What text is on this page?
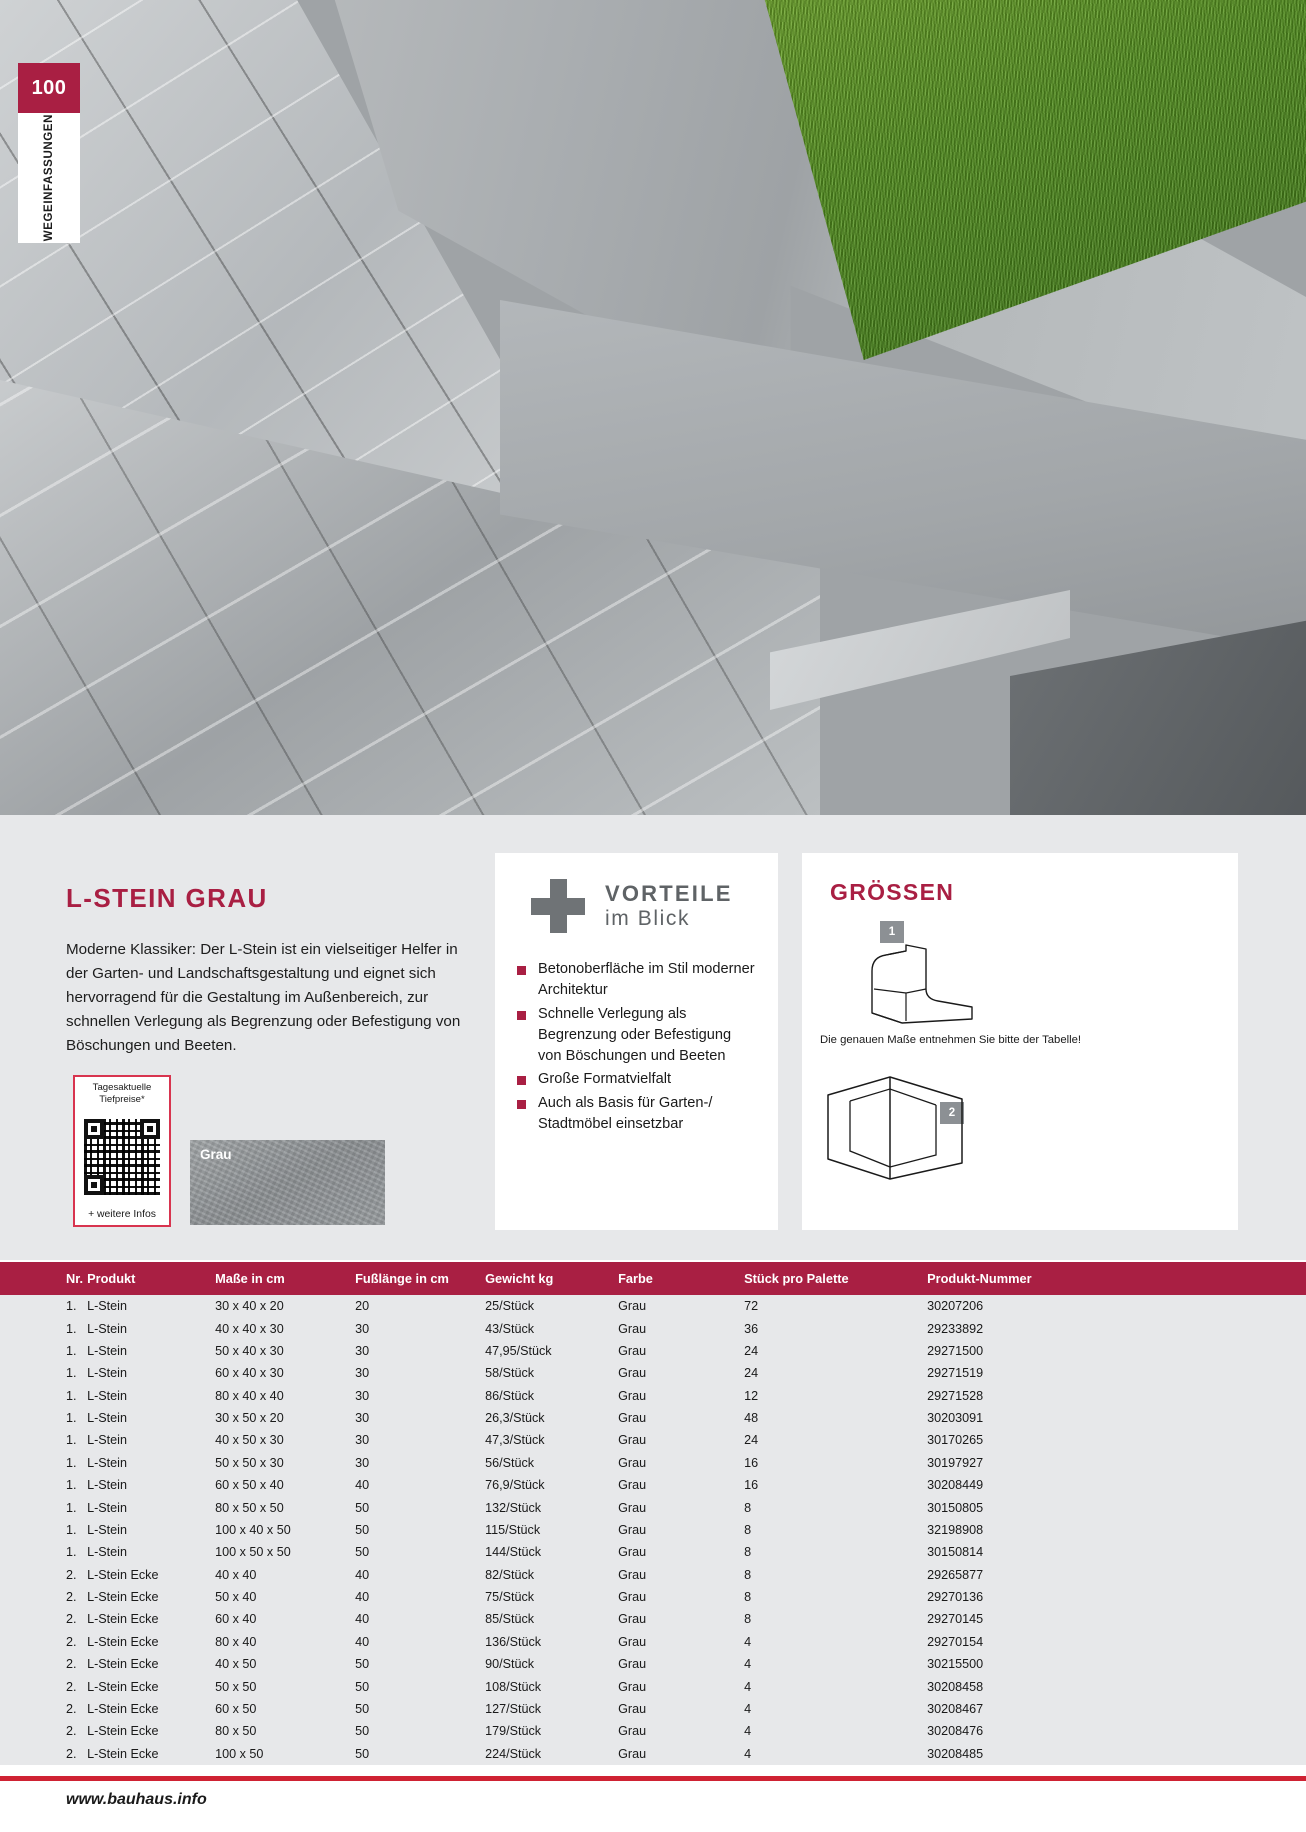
100
WEGEINFASSUNGEN
L-STEIN GRAU
Moderne Klassiker: Der L-Stein ist ein vielseitiger Helfer in der Garten- und Landschaftsgestaltung und eignet sich hervorragend für die Gestaltung im Außenbereich, zur schnellen Verlegung als Begrenzung oder Befestigung von Böschungen und Beeten.
Tagesaktuelle
Tiefpreise*
+ weitere Infos
Grau
VORTEILE
im Blick
Betonoberfläche im Stil moderner Architektur
Schnelle Verlegung als Begrenzung oder Befestigung von Böschungen und Beeten
Große Formatvielfalt
Auch als Basis für Garten-/ Stadtmöbel einsetzbar
GRÖSSEN
1
Die genauen Maße entnehmen Sie bitte der Tabelle!
2
Nr.	Produkt	Maße in cm	Fußlänge in cm	Gewicht kg	Farbe	Stück pro Palette	Produkt-Nummer
1.	L-Stein	30 x 40 x 20	20	25/Stück	Grau	72	30207206
1.	L-Stein	40 x 40 x 30	30	43/Stück	Grau	36	29233892
1.	L-Stein	50 x 40 x 30	30	47,95/Stück	Grau	24	29271500
1.	L-Stein	60 x 40 x 30	30	58/Stück	Grau	24	29271519
1.	L-Stein	80 x 40 x 40	30	86/Stück	Grau	12	29271528
1.	L-Stein	30 x 50 x 20	30	26,3/Stück	Grau	48	30203091
1.	L-Stein	40 x 50 x 30	30	47,3/Stück	Grau	24	30170265
1.	L-Stein	50 x 50 x 30	30	56/Stück	Grau	16	30197927
1.	L-Stein	60 x 50 x 40	40	76,9/Stück	Grau	16	30208449
1.	L-Stein	80 x 50 x 50	50	132/Stück	Grau	8	30150805
1.	L-Stein	100 x 40 x 50	50	115/Stück	Grau	8	32198908
1.	L-Stein	100 x 50 x 50	50	144/Stück	Grau	8	30150814
2.	L-Stein Ecke	40 x 40	40	82/Stück	Grau	8	29265877
2.	L-Stein Ecke	50 x 40	40	75/Stück	Grau	8	29270136
2.	L-Stein Ecke	60 x 40	40	85/Stück	Grau	8	29270145
2.	L-Stein Ecke	80 x 40	40	136/Stück	Grau	4	29270154
2.	L-Stein Ecke	40 x 50	50	90/Stück	Grau	4	30215500
2.	L-Stein Ecke	50 x 50	50	108/Stück	Grau	4	30208458
2.	L-Stein Ecke	60 x 50	50	127/Stück	Grau	4	30208467
2.	L-Stein Ecke	80 x 50	50	179/Stück	Grau	4	30208476
2.	L-Stein Ecke	100 x 50	50	224/Stück	Grau	4	30208485
www.bauhaus.info
